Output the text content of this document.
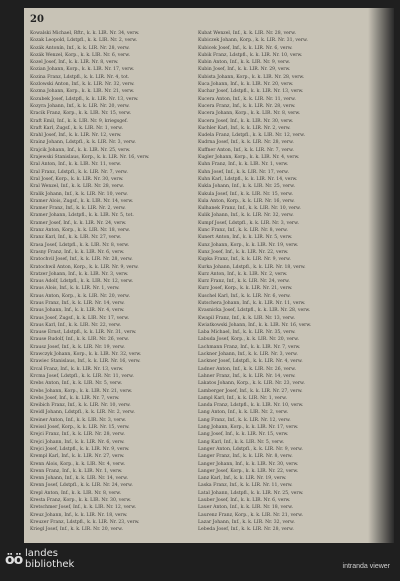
20
Kowalski Michael, Rftr., k. k. LIR. Nr. 34, verw.
Kozak Leopold, Ldstpfl., k. k. LIR. Nr. 2, verw.
Kozák Antonín, Inf., k. k. LIR. Nr. 28, verw.
Kozák Wenzel, Korp., k. k. LIR. Nr. 6, verw.
Kozel Josef, Inf., k. k. LIR. Nr. 8, verw.
Kozian Johann, Korp., k. k. LIR. Nr. 17, verw.
Kozina Franz, Ldstpfl., k. k. LIR. Nr. 4, tot.
Kozlowski Anton, Inf., k. k. LIR. Nr. 32, verw.
Kozma Johann, Korp., k. k. LIR. Nr. 21, verw.
Kozubek Josef, Ldstpfl., k. k. LIR. Nr. 13, verw.
Kozyra Johann, Inf., k. k. LIR. Nr. 20, verw.
Kracik Franz, Korp., k. k. LIR. Nr. 15, verw.
Kraft Emil, Inf., k. k. LIR. Nr. 9, kriegsgef.
Kraft Karl, Zugsf., k. k. LIR. Nr. 1, verw.
Krahl Josef, Inf., k. k. LIR. Nr. 12, verw.
Krainz Johann, Ldstpfl., k. k. LIR. Nr. 3, verw.
Krajcik Johann, Inf., k. k. LIR. Nr. 25, verw.
Krajewski Stanislaus, Korp., k. k. LIR. Nr. 16, verw.
Kral Anton, Inf., k. k. LIR. Nr. 11, verw.
Kral Franz, Ldstpfl., k. k. LIR. Nr. 7, verw.
Kral Josef, Korp., k. k. LIR. Nr. 30, verw.
Kral Wenzel, Inf., k. k. LIR. Nr. 28, verw.
Kralik Johann, Inf., k. k. LIR. Nr. 10, verw.
Kramer Alois, Zugsf., k. k. LIR. Nr. 14, verw.
Kramer Franz, Inf., k. k. LIR. Nr. 2, verw.
Kramer Johann, Ldstpfl., k. k. LIR. Nr. 5, tot.
Kramer Josef, Inf., k. k. LIR. Nr. 24, verw.
Kranz Anton, Korp., k. k. LIR. Nr. 18, verw.
Kranz Karl, Inf., k. k. LIR. Nr. 27, verw.
Krasa Josef, Ldstpfl., k. k. LIR. Nr. 8, verw.
Krasny Franz, Inf., k. k. LIR. Nr. 6, verw.
Kratochvil Josef, Inf., k. k. LIR. Nr. 28, verw.
Kratochwil Anton, Korp., k. k. LIR. Nr. 9, verw.
Kratzer Johann, Inf., k. k. LIR. Nr. 3, verw.
Kraus Adolf, Ldstpfl., k. k. LIR. Nr. 12, verw.
Kraus Alois, Inf., k. k. LIR. Nr. 1, verw.
Kraus Anton, Korp., k. k. LIR. Nr. 20, verw.
Kraus Franz, Inf., k. k. LIR. Nr. 14, verw.
Kraus Johann, Inf., k. k. LIR. Nr. 4, verw.
Kraus Josef, Zugsf., k. k. LIR. Nr. 17, verw.
Kraus Karl, Inf., k. k. LIR. Nr. 22, verw.
Krause Ernst, Ldstpfl., k. k. LIR. Nr. 31, verw.
Krause Rudolf, Inf., k. k. LIR. Nr. 26, verw.
Krausz Josef, Inf., k. k. LIR. Nr. 19, verw.
Krawczyk Johann, Korp., k. k. LIR. Nr. 32, verw.
Krawiec Stanislaus, Inf., k. k. LIR. Nr. 16, verw.
Krcal Franz, Inf., k. k. LIR. Nr. 13, verw.
Krcma Josef, Ldstpfl., k. k. LIR. Nr. 11, verw.
Krebs Anton, Inf., k. k. LIR. Nr. 5, verw.
Krebs Johann, Korp., k. k. LIR. Nr. 21, verw.
Krebs Josef, Inf., k. k. LIR. Nr. 7, verw.
Kreibich Franz, Inf., k. k. LIR. Nr. 10, verw.
Kreidl Johann, Ldstpfl., k. k. LIR. Nr. 2, verw.
Kreiner Anton, Inf., k. k. LIR. Nr. 3, verw.
Kreissl Josef, Korp., k. k. LIR. Nr. 15, verw.
Krejci Franz, Inf., k. k. LIR. Nr. 28, verw.
Krejci Johann, Inf., k. k. LIR. Nr. 6, verw.
Krejci Josef, Ldstpfl., k. k. LIR. Nr. 9, verw.
Krempl Karl, Inf., k. k. LIR. Nr. 27, verw.
Krenn Alois, Korp., k. k. LIR. Nr. 4, verw.
Krenn Franz, Inf., k. k. LIR. Nr. 1, verw.
Krenn Johann, Inf., k. k. LIR. Nr. 14, verw.
Krenn Josef, Ldstpfl., k. k. LIR. Nr. 24, verw.
Krepl Anton, Inf., k. k. LIR. Nr. 8, verw.
Kresta Franz, Korp., k. k. LIR. Nr. 30, verw.
Kretschmer Josef, Inf., k. k. LIR. Nr. 12, verw.
Kreuz Johann, Inf., k. k. LIR. Nr. 18, verw.
Kreuzer Franz, Ldstpfl., k. k. LIR. Nr. 23, verw.
Kriegl Josef, Inf., k. k. LIR. Nr. 20, verw.
Kubat Wenzel, Inf., k. k. LIR. Nr. 28, verw.
Kubiczek Johann, Korp., k. k. LIR. Nr. 31, verw.
Kubicek Josef, Inf., k. k. LIR. Nr. 6, verw.
Kubik Franz, Ldstpfl., k. k. LIR. Nr. 10, verw.
Kubin Anton, Inf., k. k. LIR. Nr. 9, verw.
Kubin Josef, Inf., k. k. LIR. Nr. 29, verw.
Kubista Johann, Korp., k. k. LIR. Nr. 28, verw.
Kuca Johann, Inf., k. k. LIR. Nr. 20, verw.
Kuchar Josef, Ldstpfl., k. k. LIR. Nr. 13, verw.
Kucera Anton, Inf., k. k. LIR. Nr. 11, verw.
Kucera Franz, Inf., k. k. LIR. Nr. 28, verw.
Kucera Johann, Korp., k. k. LIR. Nr. 8, verw.
Kucera Josef, Inf., k. k. LIR. Nr. 30, verw.
Kuchler Karl, Inf., k. k. LIR. Nr. 2, verw.
Kudela Franz, Ldstpfl., k. k. LIR. Nr. 12, verw.
Kudrna Josef, Inf., k. k. LIR. Nr. 28, verw.
Kuffner Anton, Inf., k. k. LIR. Nr. 7, verw.
Kugler Johann, Korp., k. k. LIR. Nr. 4, verw.
Kuhn Franz, Inf., k. k. LIR. Nr. 1, verw.
Kuhn Josef, Inf., k. k. LIR. Nr. 17, verw.
Kuhn Karl, Ldstpfl., k. k. LIR. Nr. 14, verw.
Kukla Johann, Inf., k. k. LIR. Nr. 25, verw.
Kukula Josef, Inf., k. k. LIR. Nr. 15, verw.
Kula Anton, Korp., k. k. LIR. Nr. 16, verw.
Kulhanek Franz, Inf., k. k. LIR. Nr. 10, verw.
Kulik Johann, Inf., k. k. LIR. Nr. 32, verw.
Kumpf Josef, Ldstpfl., k. k. LIR. Nr. 3, verw.
Kunc Franz, Inf., k. k. LIR. Nr. 8, verw.
Kunert Anton, Inf., k. k. LIR. Nr. 5, verw.
Kunz Johann, Korp., k. k. LIR. Nr. 19, verw.
Kunz Josef, Inf., k. k. LIR. Nr. 22, verw.
Kupka Franz, Inf., k. k. LIR. Nr. 9, verw.
Kurka Johann, Ldstpfl., k. k. LIR. Nr. 18, verw.
Kurz Anton, Inf., k. k. LIR. Nr. 2, verw.
Kurz Franz, Inf., k. k. LIR. Nr. 24, verw.
Kurz Josef, Korp., k. k. LIR. Nr. 21, verw.
Kuschel Karl, Inf., k. k. LIR. Nr. 6, verw.
Kutschera Johann, Inf., k. k. LIR. Nr. 11, verw.
Kvasnicka Josef, Ldstpfl., k. k. LIR. Nr. 28, verw.
Kwapil Franz, Inf., k. k. LIR. Nr. 13, verw.
Kwiatkowski Johann, Inf., k. k. LIR. Nr. 16, verw.
Laba Michael, Inf., k. k. LIR. Nr. 35, verw.
Labuda Josef, Korp., k. k. LIR. Nr. 20, verw.
Lachmann Franz, Inf., k. k. LIR. Nr. 7, verw.
Lackner Johann, Inf., k. k. LIR. Nr. 3, verw.
Lackner Josef, Ldstpfl., k. k. LIR. Nr. 4, verw.
Ladner Anton, Inf., k. k. LIR. Nr. 26, verw.
Lahner Franz, Inf., k. k. LIR. Nr. 14, verw.
Lakatos Johann, Korp., k. k. LIR. Nr. 23, verw.
Lamberger Josef, Inf., k. k. LIR. Nr. 27, verw.
Lampl Karl, Inf., k. k. LIR. Nr. 1, verw.
Landa Franz, Ldstpfl., k. k. LIR. Nr. 10, verw.
Lang Anton, Inf., k. k. LIR. Nr. 2, verw.
Lang Franz, Inf., k. k. LIR. Nr. 12, verw.
Lang Johann, Korp., k. k. LIR. Nr. 17, verw.
Lang Josef, Inf., k. k. LIR. Nr. 15, verw.
Lang Karl, Inf., k. k. LIR. Nr. 5, verw.
Langer Anton, Ldstpfl., k. k. LIR. Nr. 9, verw.
Langer Franz, Inf., k. k. LIR. Nr. 8, verw.
Langer Johann, Inf., k. k. LIR. Nr. 30, verw.
Langer Josef, Korp., k. k. LIR. Nr. 22, verw.
Lanz Karl, Inf., k. k. LIR. Nr. 19, verw.
Laska Franz, Inf., k. k. LIR. Nr. 11, verw.
Latal Johann, Ldstpfl., k. k. LIR. Nr. 25, verw.
Lauber Josef, Inf., k. k. LIR. Nr. 6, verw.
Lauer Anton, Inf., k. k. LIR. Nr. 18, verw.
Laurenz Franz, Korp., k. k. LIR. Nr. 21, verw.
Lazar Johann, Inf., k. k. LIR. Nr. 32, verw.
Lebeda Josef, Inf., k. k. LIR. Nr. 28, verw.
öö landes
bibliothek	intranda viewer
